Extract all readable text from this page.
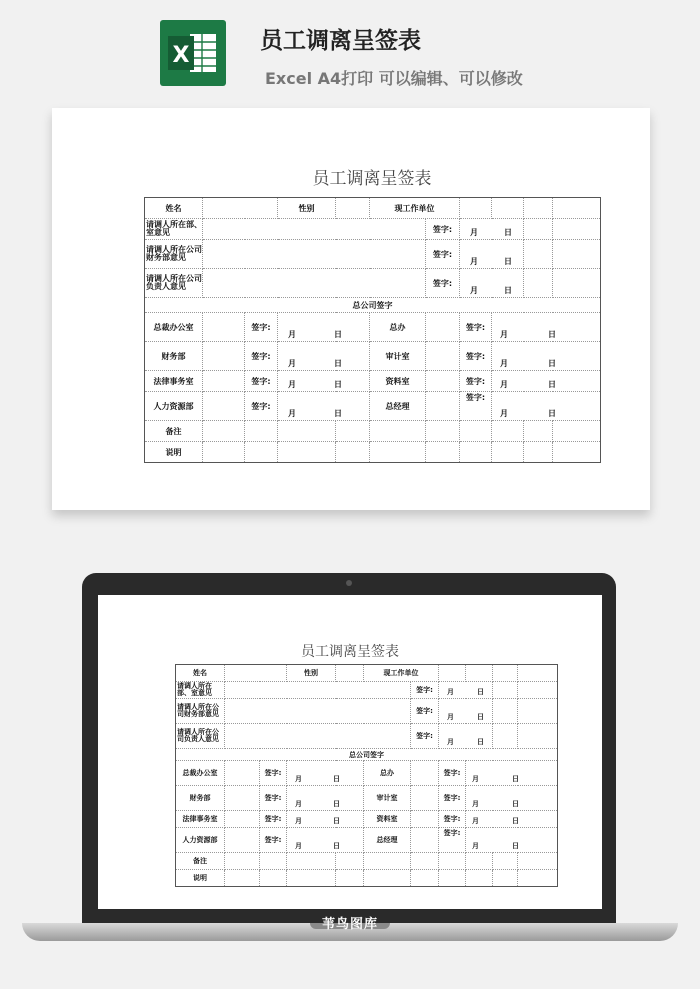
X
员工调离呈签表
Excel A4打印 可以编辑、可以修改
员工调离呈签表
姓名			性别		现工作单位					
请调人所在部、室意见						签字:	月 日			

请调人所在公司财务部意见						签字:	月 日			

请调人所在公司负责人意见						签字:	月 日			

总公司签字										
总裁办公室		签字:	月 日		总办		签字:	月 日		

财务部		签字:	月 日		审计室		签字:	月 日		

法律事务室		签字:	月 日		资料室		签字:	月 日		

人力资源部		签字:	月 日		总经理		签字:	月 日		

备注										
说明										
员工调离呈签表
姓名			性别		现工作单位					
请调人所在部、室意见						签字:	月 日			

请调人所在公司财务部意见						签字:	月 日			

请调人所在公司负责人意见						签字:	月 日			

总公司签字										
总裁办公室		签字:	月 日		总办		签字:	月 日		

财务部		签字:	月 日		审计室		签字:	月 日		

法律事务室		签字:	月 日		资料室		签字:	月 日		

人力资源部		签字:	月 日		总经理		签字:	月 日		

备注										
说明										
苇鸟图库
